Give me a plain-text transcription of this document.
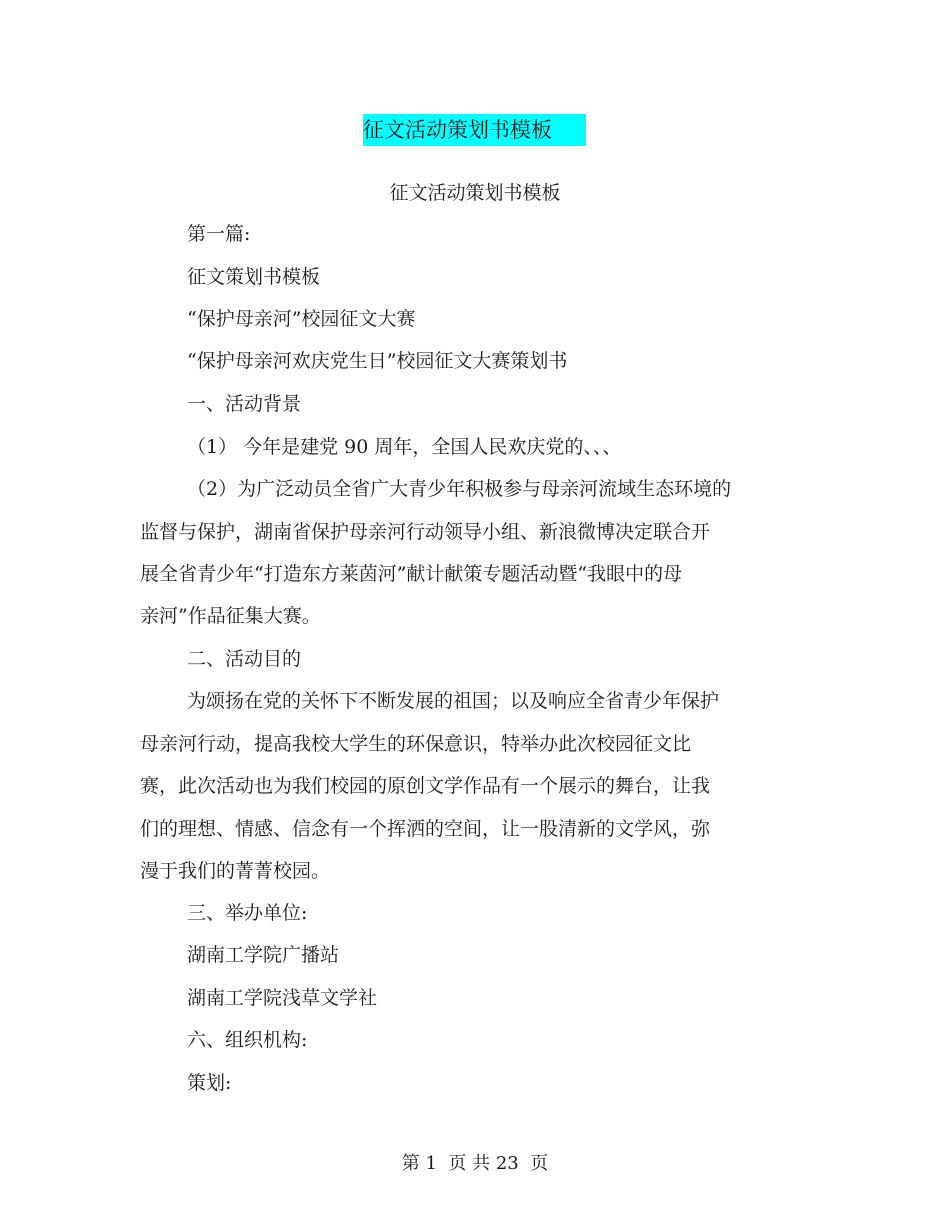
征文活动策划书模板
征文活动策划书模板
第一篇:
征文策划书模板
“保护母亲河”校园征文大赛
“保护母亲河欢庆党生日”校园征文大赛策划书
一、活动背景
（1） 今年是建党 90 周年，全国人民欢庆党的、、、
（2）为广泛动员全省广大青少年积极参与母亲河流域生态环境的
监督与保护，湖南省保护母亲河行动领导小组、新浪微博决定联合开
展全省青少年“打造东方莱茵河”献计献策专题活动暨“我眼中的母
亲河”作品征集大赛。
二、活动目的
为颂扬在党的关怀下不断发展的祖国；以及响应全省青少年保护
母亲河行动，提高我校大学生的环保意识，特举办此次校园征文比
赛，此次活动也为我们校园的原创文学作品有一个展示的舞台，让我
们的理想、情感、信念有一个挥洒的空间，让一股清新的文学风，弥
漫于我们的菁菁校园。
三、举办单位:
湖南工学院广播站
湖南工学院浅草文学社
六、组织机构:
策划:
第 1  页 共 23  页
